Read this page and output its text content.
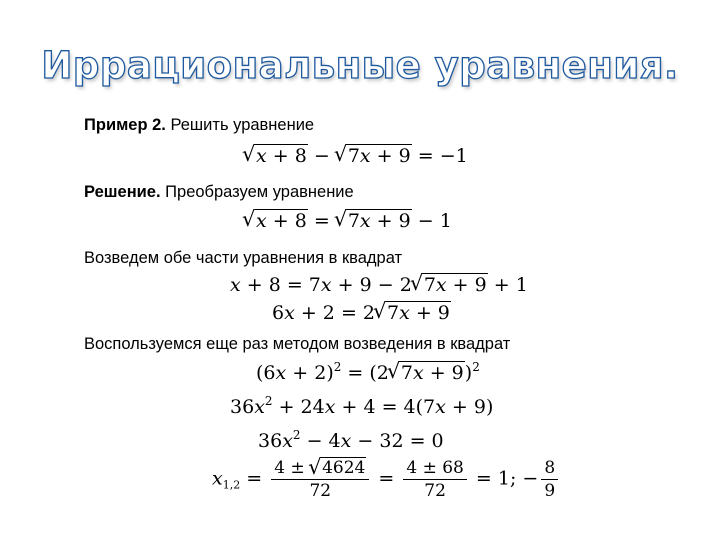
Иррациональные уравнения.
Пример 2. Решить уравнение
√ x + 8 − √ 7x + 9 = −1
Решение. Преобразуем уравнение
√ x + 8 = √ 7x + 9 − 1
Возведем обе части уравнения в квадрат
x + 8 = 7x + 9 − 2√ 7x + 9 + 1
6x + 2 = 2√ 7x + 9
Воспользуемся еще раз методом возведения в квадрат
$(6x + 2)^2 = (2√$ 7x + 9)$^2$
$36x^2 + 24x + 4 = 4(7x + 9)$
$36x^2 - 4x - 32 = 0$
$x_{1,2} = \frac{4 \pm √ 4624}{72} = \frac{4 \pm 68}{72} = 1$; − $\frac{8}{9}$
